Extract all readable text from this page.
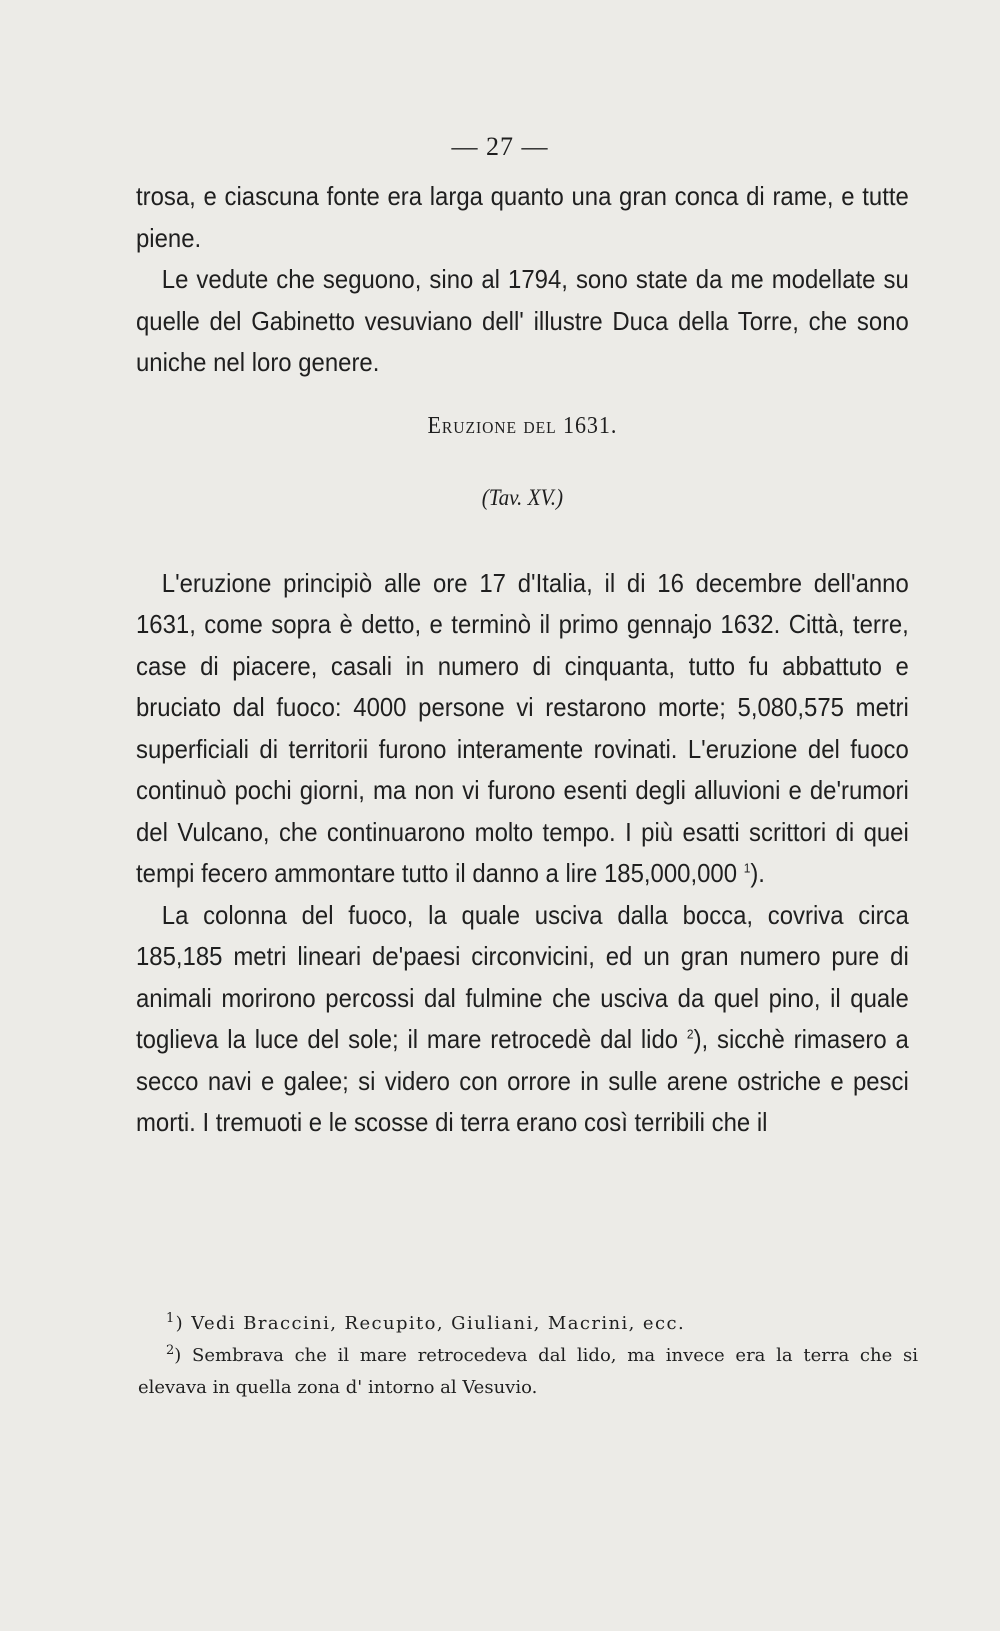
— 27 —

trosa, e ciascuna fonte era larga quanto una gran conca di rame, e tutte piene.

Le vedute che seguono, sino al 1794, sono state da me modellate su quelle del Gabinetto vesuviano dell' illustre Duca della Torre, che sono uniche nel loro genere.

Eruzione del 1631.

(Tav. XV.)

L'eruzione principiò alle ore 17 d'Italia, il di 16 decembre dell'anno 1631, come sopra è detto, e terminò il primo gennajo 1632. Città, terre, case di piacere, casali in numero di cinquanta, tutto fu abbattuto e bruciato dal fuoco: 4000 persone vi restarono morte; 5,080,575 metri superficiali di territorii furono interamente rovinati. L'eruzione del fuoco continuò pochi giorni, ma non vi furono esenti degli alluvioni e de'rumori del Vulcano, che continuarono molto tempo. I più esatti scrittori di quei tempi fecero ammontare tutto il danno a lire 185,000,000 $^1$).

La colonna del fuoco, la quale usciva dalla bocca, covriva circa 185,185 metri lineari de'paesi circonvicini, ed un gran numero pure di animali morirono percossi dal fulmine che usciva da quel pino, il quale toglieva la luce del sole; il mare retrocedè dal lido $^2$), sicchè rimasero a secco navi e galee; si videro con orrore in sulle arene ostriche e pesci morti. I tremuoti e le scosse di terra erano così terribili che il

$^1$) Vedi Braccini, Recupito, Giuliani, Macrini, ecc.

$^2$) Sembrava che il mare retrocedeva dal lido, ma invece era la terra che si elevava in quella zona d' intorno al Vesuvio.
